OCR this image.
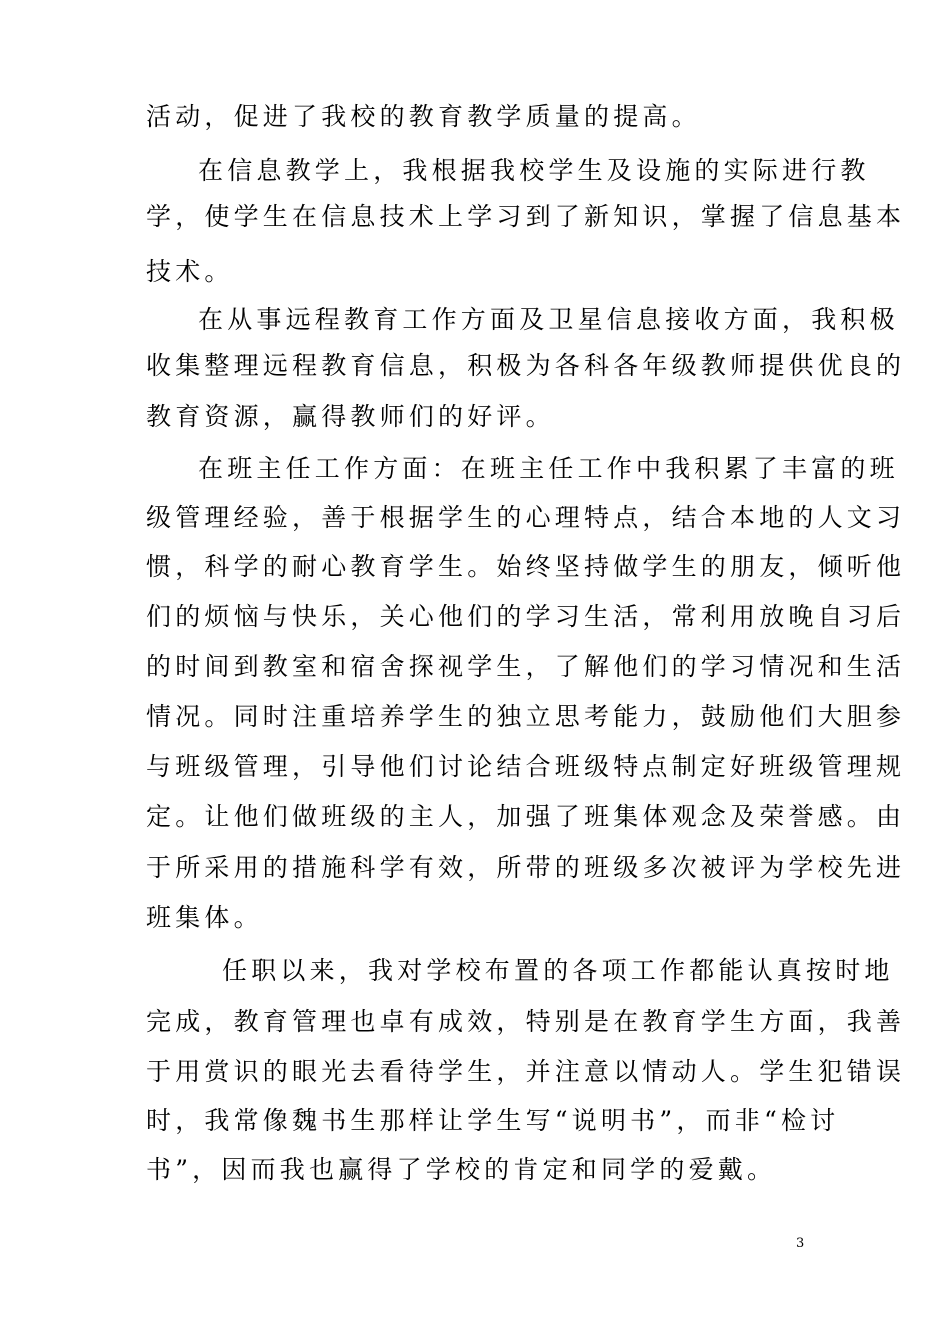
活动，促进了我校的教育教学质量的提高。
在信息教学上，我根据我校学生及设施的实际进行教
学，使学生在信息技术上学习到了新知识，掌握了信息基本
技术。
在从事远程教育工作方面及卫星信息接收方面，我积极
收集整理远程教育信息，积极为各科各年级教师提供优良的
教育资源，赢得教师们的好评。
在班主任工作方面：在班主任工作中我积累了丰富的班
级管理经验，善于根据学生的心理特点，结合本地的人文习
惯，科学的耐心教育学生。始终坚持做学生的朋友，倾听他
们的烦恼与快乐，关心他们的学习生活，常利用放晚自习后
的时间到教室和宿舍探视学生，了解他们的学习情况和生活
情况。同时注重培养学生的独立思考能力，鼓励他们大胆参
与班级管理，引导他们讨论结合班级特点制定好班级管理规
定。让他们做班级的主人，加强了班集体观念及荣誉感。由
于所采用的措施科学有效，所带的班级多次被评为学校先进
班集体。
任职以来，我对学校布置的各项工作都能认真按时地
完成，教育管理也卓有成效，特别是在教育学生方面，我善
于用赏识的眼光去看待学生，并注意以情动人。学生犯错误
时，我常像魏书生那样让学生写“说明书”，而非“检讨
书”，因而我也赢得了学校的肯定和同学的爱戴。
3
